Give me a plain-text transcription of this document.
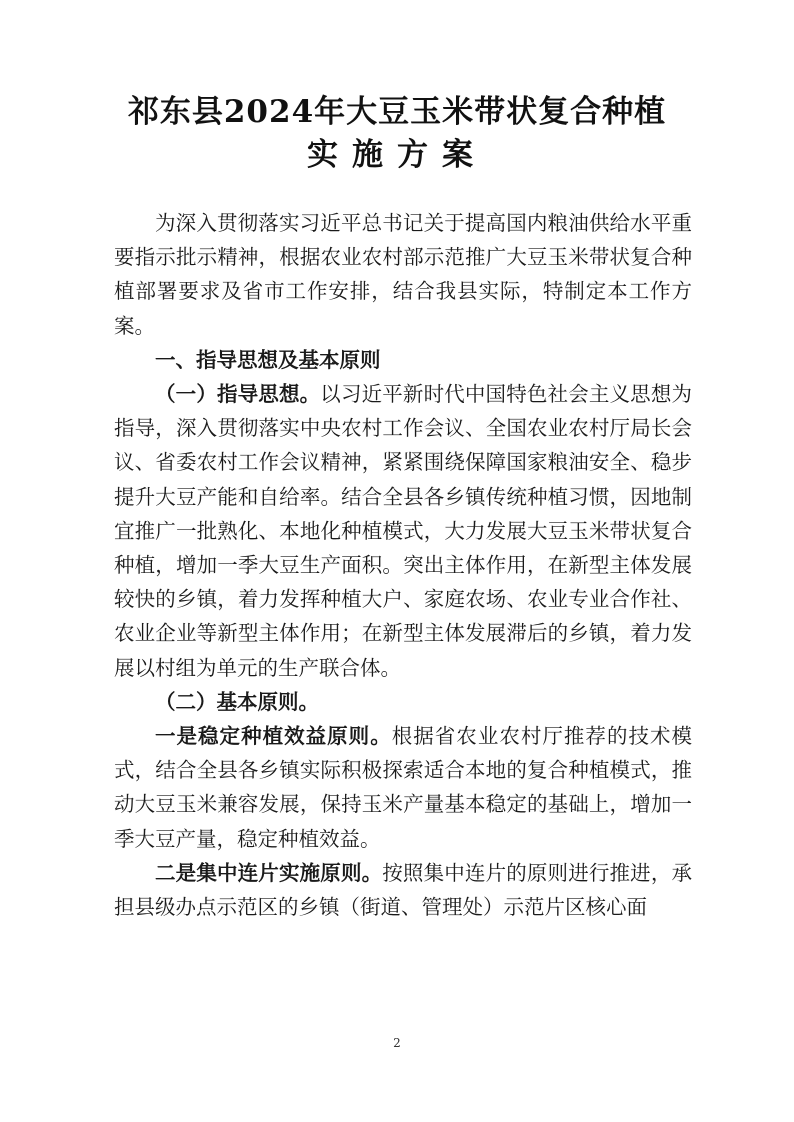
祁东县2024年大豆玉米带状复合种植
实施方案

为深入贯彻落实习近平总书记关于提高国内粮油供给水平重要指示批示精神，根据农业农村部示范推广大豆玉米带状复合种植部署要求及省市工作安排，结合我县实际，特制定本工作方案。

一、指导思想及基本原则

（一）指导思想。以习近平新时代中国特色社会主义思想为指导，深入贯彻落实中央农村工作会议、全国农业农村厅局长会议、省委农村工作会议精神，紧紧围绕保障国家粮油安全、稳步提升大豆产能和自给率。结合全县各乡镇传统种植习惯，因地制宜推广一批熟化、本地化种植模式，大力发展大豆玉米带状复合种植，增加一季大豆生产面积。突出主体作用，在新型主体发展较快的乡镇，着力发挥种植大户、家庭农场、农业专业合作社、农业企业等新型主体作用；在新型主体发展滞后的乡镇，着力发展以村组为单元的生产联合体。

（二）基本原则。

一是稳定种植效益原则。根据省农业农村厅推荐的技术模式，结合全县各乡镇实际积极探索适合本地的复合种植模式，推动大豆玉米兼容发展，保持玉米产量基本稳定的基础上，增加一季大豆产量，稳定种植效益。

二是集中连片实施原则。按照集中连片的原则进行推进，承担县级办点示范区的乡镇（街道、管理处）示范片区核心面

2
